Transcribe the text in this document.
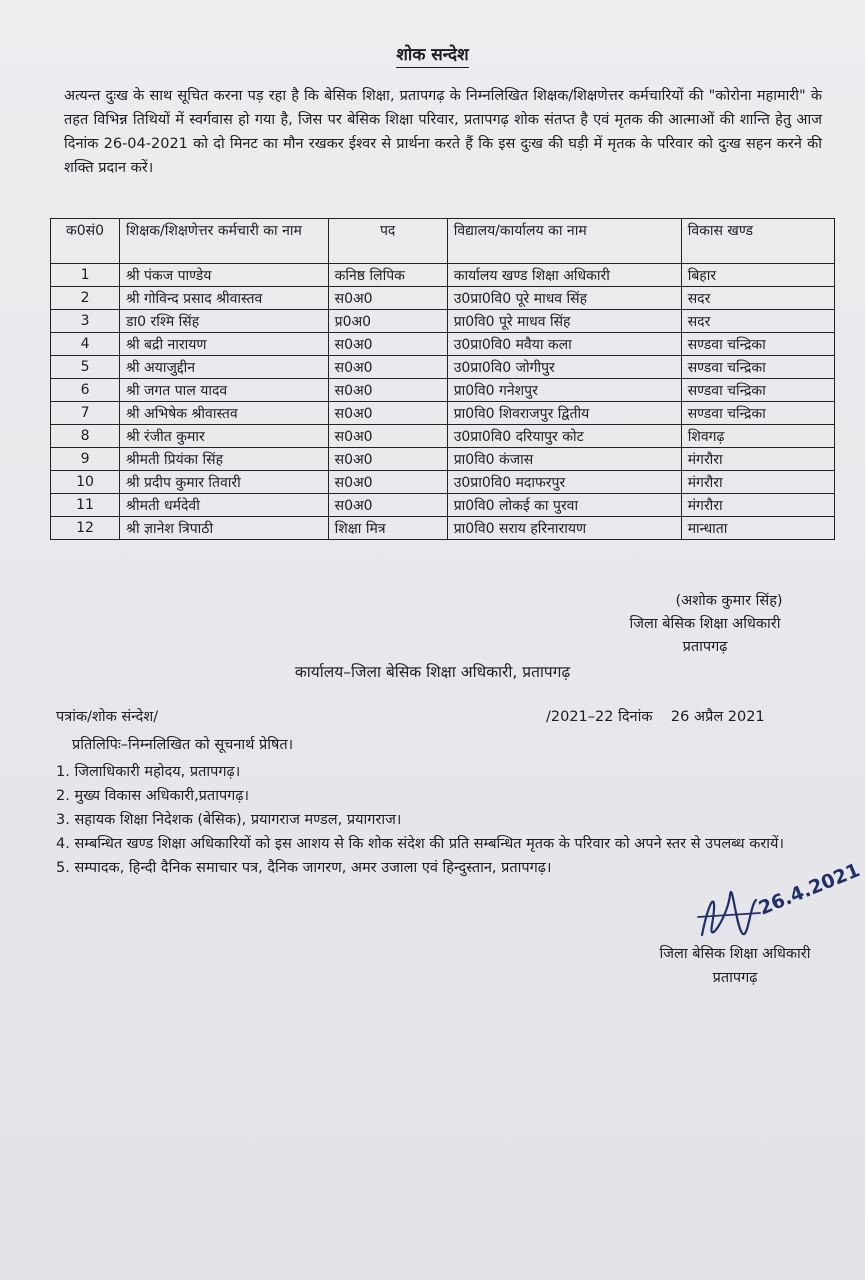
शोक सन्देश
अत्यन्त दुःख के साथ सूचित करना पड़ रहा है कि बेसिक शिक्षा, प्रतापगढ़ के निम्नलिखित शिक्षक/शिक्षणेत्तर कर्मचारियों की "कोरोना महामारी" के तहत विभिन्न तिथियों में स्वर्गवास हो गया है, जिस पर बेसिक शिक्षा परिवार, प्रतापगढ़ शोक संतप्त है एवं मृतक की आत्माओं की शान्ति हेतु आज दिनांक 26-04-2021 को दो मिनट का मौन रखकर ईश्वर से प्रार्थना करते हैं कि इस दुःख की घड़ी में मृतक के परिवार को दुःख सहन करने की शक्ति प्रदान करें।
क0सं0	शिक्षक/शिक्षणेत्तर कर्मचारी का नाम	पद	विद्यालय/कार्यालय का नाम	विकास खण्ड
1	श्री पंकज पाण्डेय	कनिष्ठ लिपिक	कार्यालय खण्ड शिक्षा अधिकारी	बिहार
2	श्री गोविन्द प्रसाद श्रीवास्तव	स0अ0	उ0प्रा0वि0 पूरे माधव सिंह	सदर
3	डा0 रश्मि सिंह	प्र0अ0	प्रा0वि0 पूरे माधव सिंह	सदर
4	श्री बद्री नारायण	स0अ0	उ0प्रा0वि0 मवैया कला	सण्डवा चन्द्रिका
5	श्री अयाजुद्दीन	स0अ0	उ0प्रा0वि0 जोगीपुर	सण्डवा चन्द्रिका
6	श्री जगत पाल यादव	स0अ0	प्रा0वि0 गनेशपुर	सण्डवा चन्द्रिका
7	श्री अभिषेक श्रीवास्तव	स0अ0	प्रा0वि0 शिवराजपुर द्वितीय	सण्डवा चन्द्रिका
8	श्री रंजीत कुमार	स0अ0	उ0प्रा0वि0 दरियापुर कोट	शिवगढ़
9	श्रीमती प्रियंका सिंह	स0अ0	प्रा0वि0 कंजास	मंगरौरा
10	श्री प्रदीप कुमार तिवारी	स0अ0	उ0प्रा0वि0 मदाफरपुर	मंगरौरा
11	श्रीमती धर्मदेवी	स0अ0	प्रा0वि0 लोकई का पुरवा	मंगरौरा
12	श्री ज्ञानेश त्रिपाठी	शिक्षा मित्र	प्रा0वि0 सराय हरिनारायण	मान्धाता
(अशोक कुमार सिंह)
जिला बेसिक शिक्षा अधिकारी
प्रतापगढ़
कार्यालय–जिला बेसिक शिक्षा अधिकारी, प्रतापगढ़
पत्रांक/शोक संन्देश/	/2021–22 दिनांक    26 अप्रैल 2021
प्रतिलिपिः–निम्नलिखित को सूचनार्थ प्रेषित।
1. जिलाधिकारी महोदय, प्रतापगढ़।
2. मुख्य विकास अधिकारी,प्रतापगढ़।
3. सहायक शिक्षा निदेशक (बेसिक), प्रयागराज मण्डल, प्रयागराज।
4. सम्बन्धित खण्ड शिक्षा अधिकारियों को इस आशय से कि शोक संदेश की प्रति सम्बन्धित मृतक के परिवार को अपने स्तर से उपलब्ध करायें।
5. सम्पादक, हिन्दी दैनिक समाचार पत्र, दैनिक जागरण, अमर उजाला एवं हिन्दुस्तान, प्रतापगढ़।	26.4.2021
जिला बेसिक शिक्षा अधिकारी
प्रतापगढ़
